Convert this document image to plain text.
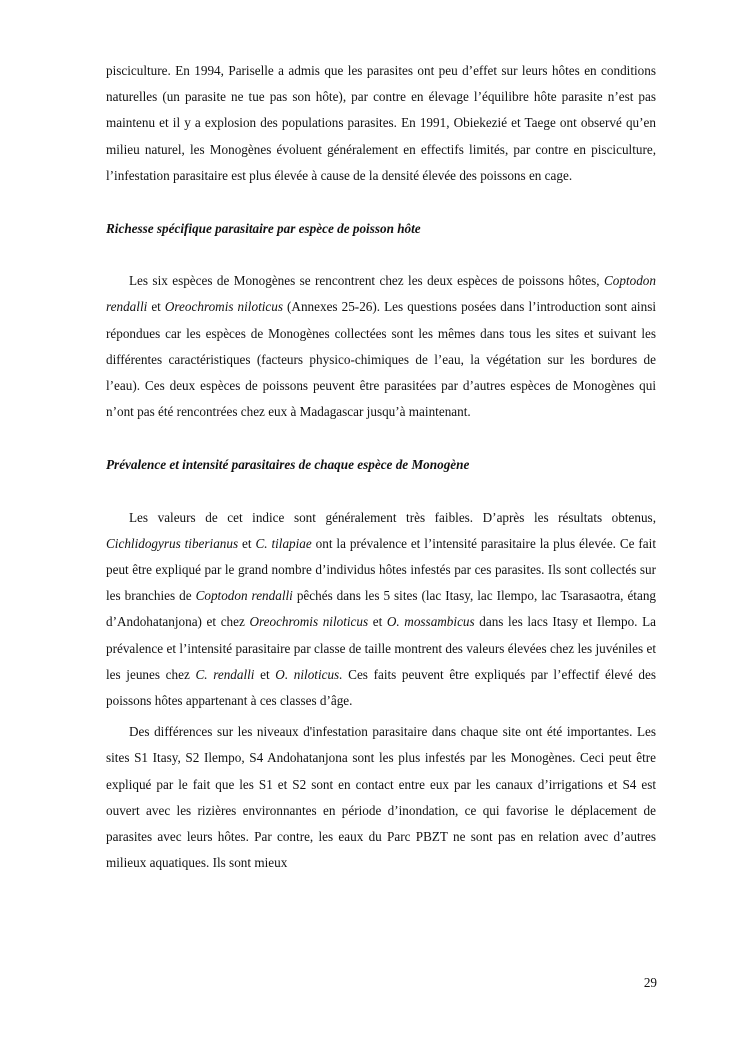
pisciculture. En 1994, Pariselle a admis que les parasites ont peu d’effet sur leurs hôtes en conditions naturelles (un parasite ne tue pas son hôte), par contre en élevage l’équilibre hôte parasite n’est pas maintenu et il y a explosion des populations parasites. En 1991, Obiekezié et Taege ont observé qu’en milieu naturel, les Monogènes évoluent généralement en effectifs limités, par contre en pisciculture, l’infestation parasitaire est plus élevée à cause de la densité élevée des poissons en cage.

Richesse spécifique parasitaire par espèce de poisson hôte

Les six espèces de Monogènes se rencontrent chez les deux espèces de poissons hôtes, Coptodon rendalli et Oreochromis niloticus (Annexes 25-26). Les questions posées dans l’introduction sont ainsi répondues car les espèces de Monogènes collectées sont les mêmes dans tous les sites et suivant les différentes caractéristiques (facteurs physico-chimiques de l’eau, la végétation sur les bordures de l’eau). Ces deux espèces de poissons peuvent être parasitées par d’autres espèces de Monogènes qui n’ont pas été rencontrées chez eux à Madagascar jusqu’à maintenant.

Prévalence et intensité parasitaires de chaque espèce de Monogène

Les valeurs de cet indice sont généralement très faibles. D’après les résultats obtenus, Cichlidogyrus tiberianus et C. tilapiae ont la prévalence et l’intensité parasitaire la plus élevée. Ce fait peut être expliqué par le grand nombre d’individus hôtes infestés par ces parasites. Ils sont collectés sur les branchies de Coptodon rendalli pêchés dans les 5 sites (lac Itasy, lac Ilempo, lac Tsarasaotra, étang d’Andohatanjona) et chez Oreochromis niloticus et O. mossambicus dans les lacs Itasy et Ilempo. La prévalence et l’intensité parasitaire par classe de taille montrent des valeurs élevées chez les juvéniles et les jeunes chez C. rendalli et O. niloticus. Ces faits peuvent être expliqués par l’effectif élevé des poissons hôtes appartenant à ces classes d’âge.

Des différences sur les niveaux d'infestation parasitaire dans chaque site ont été importantes. Les sites S1 Itasy, S2 Ilempo, S4 Andohatanjona sont les plus infestés par les Monogènes. Ceci peut être expliqué par le fait que les S1 et S2 sont en contact entre eux par les canaux d’irrigations et S4 est ouvert avec les rizières environnantes en période d’inondation, ce qui favorise le déplacement de parasites avec leurs hôtes. Par contre, les eaux du Parc PBZT ne sont pas en relation avec d’autres milieux aquatiques. Ils sont mieux

29
